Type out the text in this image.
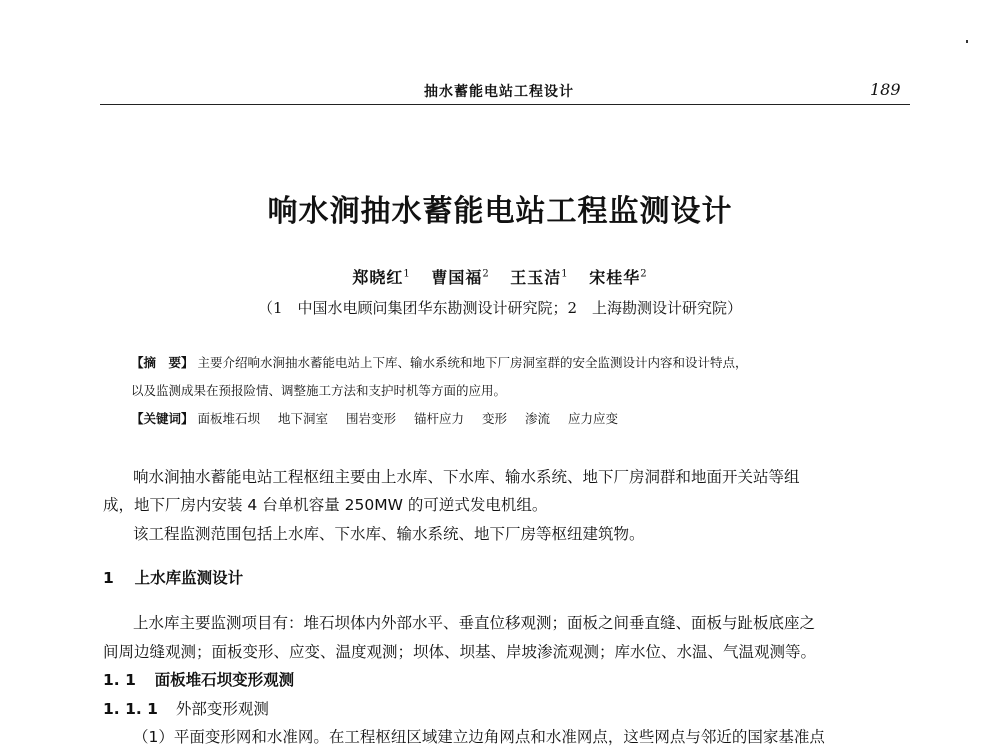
抽水蓄能电站工程设计	189
响水涧抽水蓄能电站工程监测设计
郑晓红$^1$ 曹国福$^2$ 王玉洁$^1$ 宋桂华$^2$
（1　中国水电顾问集团华东勘测设计研究院；2　上海勘测设计研究院）
【摘　要】 主要介绍响水涧抽水蓄能电站上下库、输水系统和地下厂房洞室群的安全监测设计内容和设计特点，
以及监测成果在预报险情、调整施工方法和支护时机等方面的应用。
【关键词】 面板堆石坝 地下洞室 围岩变形 锚杆应力 变形 渗流 应力应变
响水涧抽水蓄能电站工程枢纽主要由上水库、下水库、输水系统、地下厂房洞群和地面开关站等组
成，地下厂房内安装 4 台单机容量 250MW 的可逆式发电机组。
该工程监测范围包括上水库、下水库、输水系统、地下厂房等枢纽建筑物。
1 上水库监测设计
上水库主要监测项目有：堆石坝体内外部水平、垂直位移观测；面板之间垂直缝、面板与趾板底座之
间周边缝观测；面板变形、应变、温度观测；坝体、坝基、岸坡渗流观测；库水位、水温、气温观测等。
1. 1 面板堆石坝变形观测
1. 1. 1 外部变形观测
（1）平面变形网和水准网。在工程枢纽区域建立边角网点和水准网点，这些网点与邻近的国家基准点
